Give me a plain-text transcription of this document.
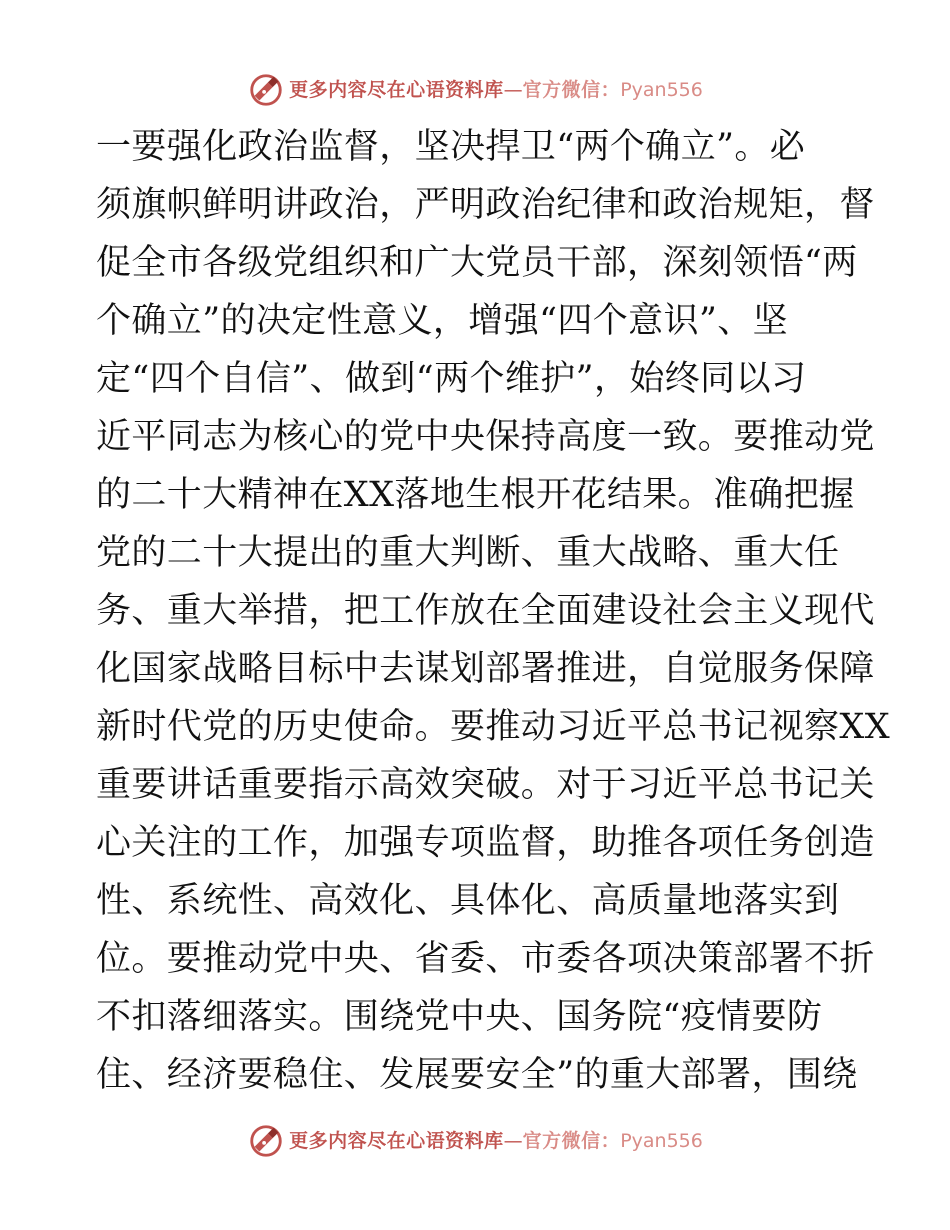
更多内容尽在心语资料库 — 官方微信： Pyan556
一要强化政治监督，坚决捍卫“两个确立”。必
须旗帜鲜明讲政治，严明政治纪律和政治规矩，督
促全市各级党组织和广大党员干部，深刻领悟“两
个确立”的决定性意义，增强“四个意识”、坚
定“四个自信”、做到“两个维护”，始终同以习
近平同志为核心的党中央保持高度一致。要推动党
的二十大精神在XX落地生根开花结果。准确把握
党的二十大提出的重大判断、重大战略、重大任
务、重大举措，把工作放在全面建设社会主义现代
化国家战略目标中去谋划部署推进，自觉服务保障
新时代党的历史使命。要推动习近平总书记视察XX
重要讲话重要指示高效突破。对于习近平总书记关
心关注的工作，加强专项监督，助推各项任务创造
性、系统性、高效化、具体化、高质量地落实到
位。要推动党中央、省委、市委各项决策部署不折
不扣落细落实。围绕党中央、国务院“疫情要防
住、经济要稳住、发展要安全”的重大部署，围绕
更多内容尽在心语资料库 — 官方微信： Pyan556
